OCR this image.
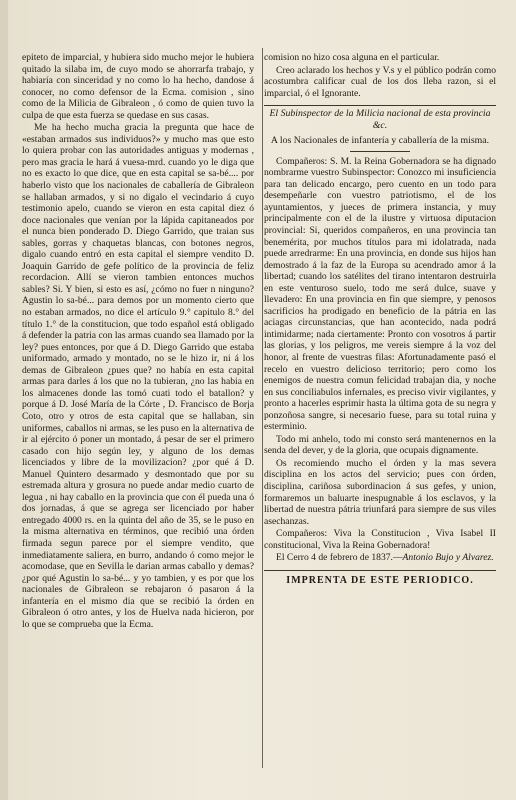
epiteto de imparcial, y hubiera sido mucho mejor le hubiera quitado la silaba im, de cuyo modo se ahorrarfa trabajo, y habiaría con sinceridad y no como lo ha hecho, dandose á conocer, no como defensor de la Ecma. comision , sino como de la Milicia de Gibraleon , ó como de quien tuvo la culpa de que esta fuerza se quedase en sus casas.

Me ha hecho mucha gracia la pregunta que hace de «estaban armados sus individuos?» y mucho mas que esto lo quiera probar con las autoridades antiguas y modernas , pero mas gracia le hará á vuesa-mrd. cuando yo le diga que no es exacto lo que dice, que en esta capital se sa-bé.... por haberlo visto que los nacionales de caballería de Gibraleon se hallaban armados, y si no digalo el vecindario á cuyo testimonio apelo, cuando se vieron en esta capital diez ó doce nacionales que venían por la lápida capitaneados por el nunca bien ponderado D. Diego Garrido, que traian sus sables, gorras y chaquetas blancas, con botones negros, digalo cuando entró en esta capital el siempre vendito D. Joaquin Garrido de gefe político de la provincia de feliz recordacion. Allí se vieron tambien entonces muchos sables? Si. Y bien, si esto es así, ¿cómo no fuer n ninguno? Agustin lo sa-bé... para demos por un momento cierto que no estaban armados, no dice el artículo 9.° capitulo 8.° del título 1.° de la constitucion, que todo español está obligado á defender la patria con las armas cuando sea llamado por la ley? pues entonces, por que á D. Diego Garrido que estaba uniformado, armado y montado, no se le hizo ir, ni á los demas de Gibraleon ¿pues que? no había en esta capital armas para darles á los que no la tubieran, ¿no las habia en los almacenes donde las tomó cuati todo el batallon? y porque á D. José María de la Córte , D. Francisco de Borja Coto, otro y otros de esta capital que se hallaban, sin uniformes, caballos ni armas, se les puso en la alternativa de ir al ejército ó poner un montado, á pesar de ser el primero casado con hijo según ley, y alguno de los demas licenciados y libre de la movilizacion? ¿por qué á D. Manuel Quintero desarmado y desmontado que por su estremada altura y grosura no puede andar medio cuarto de legua , ni hay caballo en la provincia que con él pueda una ó dos jornadas, á que se agrega ser licenciado por haber entregado 4000 rs. en la quinta del año de 35, se le puso en la misma alternativa en términos, que recibió una órden firmada segun parece por el siempre vendito, que inmediatamente saliera, en burro, andando ó como mejor le acomodase, que en Sevilla le darian armas caballo y demas? ¿por qué Agustin lo sa-bé... y yo tambien, y es por que los nacionales de Gibraleon se rebajaron ó pasaron á la infantería en el mismo dia que se recibió la órden en Gibraleon ó otro antes, y los de Huelva nada hicieron, por lo que se comprueba que la Ecma.

comision no hizo cosa alguna en el particular.

Creo aclarado los hechos y V.s y el público podrán como acostumbra calificar cual de los dos lleba razon, si el imparcial, ó el Ignorante.

El Subinspector de la Milicia nacional de esta provincia &c.
A los Nacionales de infantería y caballería de la misma.

Compañeros: S. M. la Reina Gobernadora se ha dignado nombrarme vuestro Subinspector: Conozco mi insuficiencia para tan delicado encargo, pero cuento en un todo para desempeñarle con vuestro patriotismo, el de los ayuntamientos, y jueces de primera instancia, y muy principalmente con el de la ilustre y virtuosa diputacion provincial: Si, queridos compañeros, en una provincia tan benemérita, por muchos títulos para mi idolatrada, nada puede arredrarme: En una provincia, en donde sus hijos han demostrado á la faz de la Europa su acendrado amor á la libertad; cuando los satélites del tirano intentaron destruirla en este venturoso suelo, todo me será dulce, suave y llevadero: En una provincia en fin que siempre, y penosos sacrificios ha prodigado en beneficio de la pátria en las aciagas circunstancias, que han acontecido, nada podrá intimidarme; nada ciertamente: Pronto con vosotros á partir las glorias, y los peligros, me vereis siempre á la voz del honor, al frente de vuestras filas: Afortunadamente pasó el recelo en vuestro delicioso territorio; pero como los enemigos de nuestra comun felicidad trabajan dia, y noche en sus conciliabulos infernales, es preciso vivir vigilantes, y pronto a hacerles esprimir hasta la última gota de su negra y ponzoñosa sangre, si necesario fuese, para su total ruina y esterminio.

Todo mi anhelo, todo mi consto será mantenernos en la senda del dever, y de la gloria, que ocupais dignamente.

Os recomiendo mucho el órden y la mas severa disciplina en los actos del servicio; pues con órden, disciplina, cariñosa subordinacion á sus gefes, y union, formaremos un baluarte inespugnable á los esclavos, y la libertad de nuestra pátria triunfará para siempre de sus viles asechanzas.

Compañeros: Viva la Constitucion , Viva Isabel II constitucional, Viva la Reina Gobernadora!

El Cerro 4 de febrero de 1837.—Antonio Bujo y Alvarez.

IMPRENTA DE ESTE PERIODICO.
